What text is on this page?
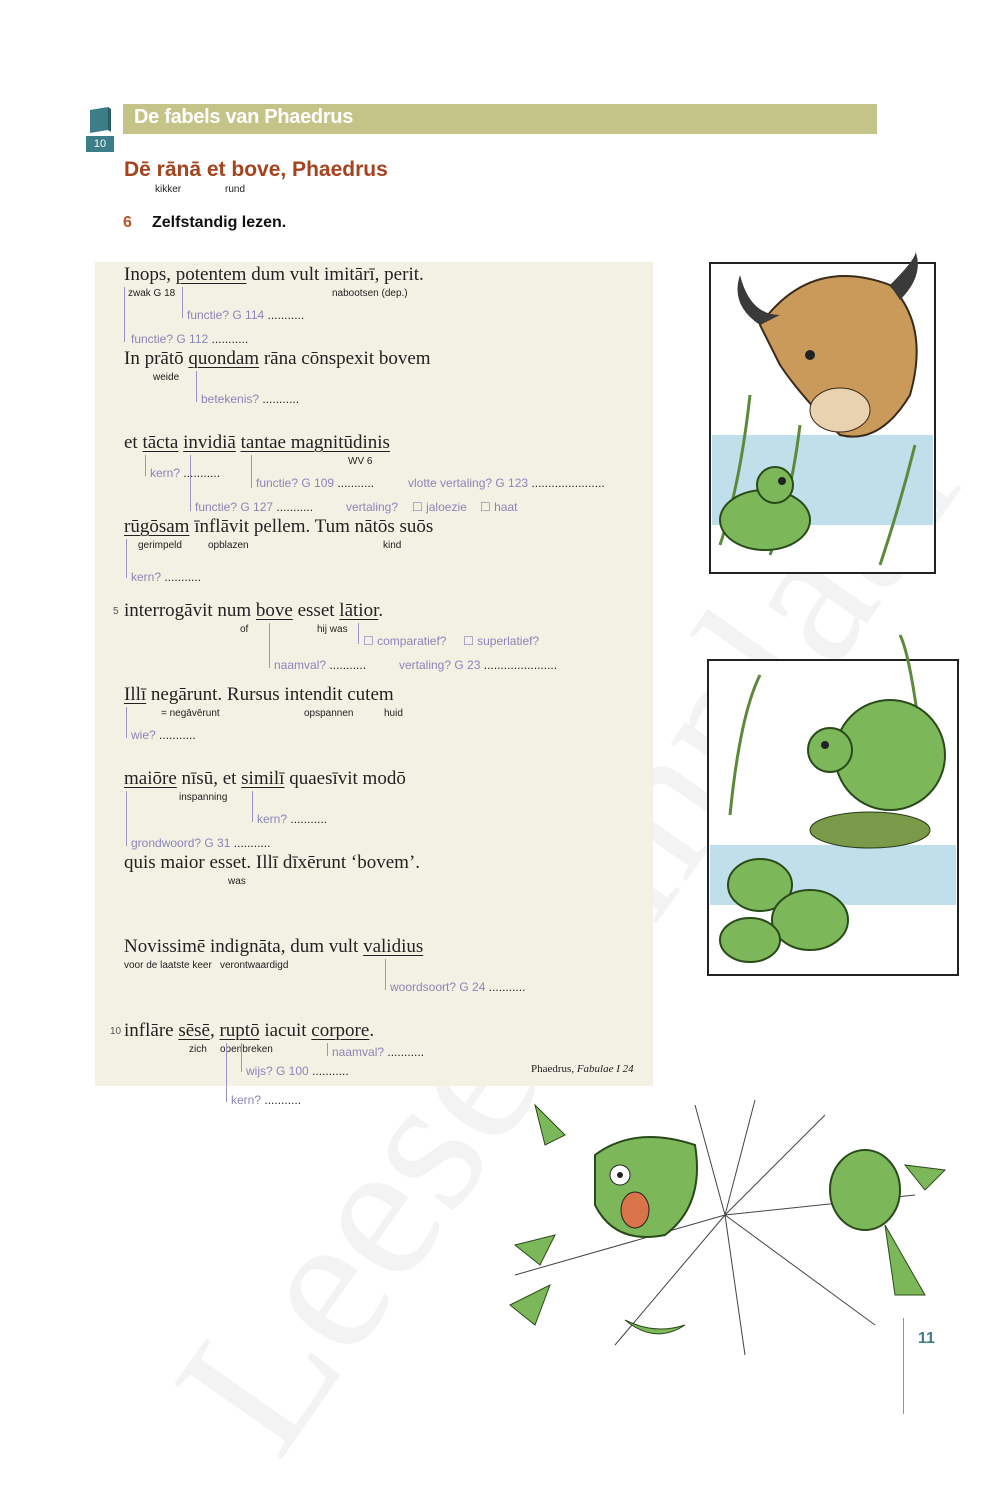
10
De fabels van Phaedrus
Dē rānā et bove, Phaedrus
kikker	rund
6 Zelfstandig lezen.
Inops, potentem dum vult imitārī, perit.
zwak G 18	nabootsen (dep.)
functie? G 114 ...........
functie? G 112 ...........
In prātō quondam rāna cōnspexit bovem
weide
betekenis? ...........
et tācta invidiā tantae magnitūdinis
WV 6
kern? ...........
functie? G 109 ...........	vlotte vertaling? G 123 ......................
functie? G 127 ...........	vertaling? ☐ jaloezie ☐ haat
rūgōsam īnflāvit pellem. Tum nātōs suōs
gerimpeld	opblazen	kind
kern? ...........
5 interrogāvit num bove esset lātior.
of	hij was
☐ comparatief? ☐ superlatief?
naamval? ...........	vertaling? G 23 ......................
Illī negārunt. Rursus intendit cutem
= negāvērunt	opspannen	huid
wie? ...........
maiōre nīsū, et similī quaesīvit modō
inspanning
kern? ...........
grondwoord? G 31 ...........
quis maior esset. Illī dīxērunt ‘bovem’.
was
Novissimē indignāta, dum vult validius
voor de laatste keer verontwaardigd
woordsoort? G 24 ...........
10 inflāre sēsē, ruptō iacuit corpore.
zich openbreken	naamval? ...........
wijs? G 100 ...........
kern? ...........
Phaedrus, Fabulae I 24
11
